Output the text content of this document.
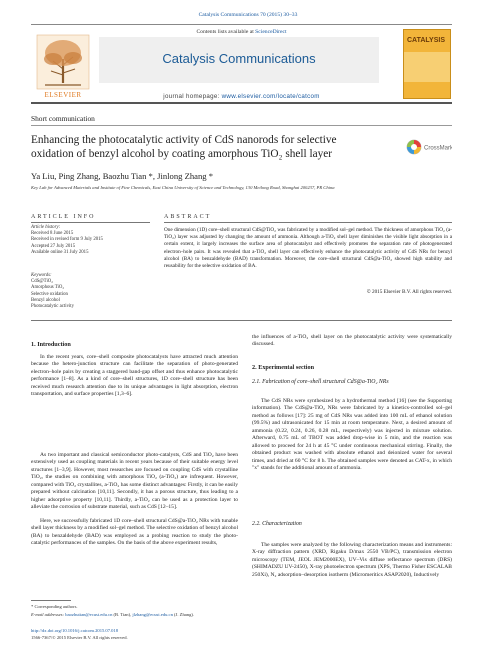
Catalysis Communications 70 (2015) 30–33
Contents lists available at ScienceDirect
ELSEVIER
Catalysis Communications
journal homepage: www.elsevier.com/locate/catcom
CATALYSIS
Short communication
Enhancing the photocatalytic activity of CdS nanorods for selective oxidation of benzyl alcohol by coating amorphous TiO₂ shell layer	CrossMark
Ya Liu, Ping Zhang, Baozhu Tian *, Jinlong Zhang *
Key Lab for Advanced Materials and Institute of Fine Chemicals, East China University of Science and Technology, 130 Meilong Road, Shanghai 200237, PR China
ARTICLE INFO	ABSTRACT
Article history:
Received 8 June 2015
Received in revised form 9 July 2015
Accepted 27 July 2015
Available online 31 July 2015
Keywords:
CdS@TiO₂
Amorphous TiO₂
Selective oxidation
Benzyl alcohol
Photocatalytic activity
One dimension (1D) core–shell structural CdS@TiO₂ was fabricated by a modified sol–gel method. The thickness of amorphous TiO₂ (a-TiO₂) layer was adjusted by changing the amount of ammonia. Although a-TiO₂ shell layer diminishes the visible light absorption in a certain extent, it largely increases the surface area of photocatalyst and effectively promotes the separation rate of photogenerated electron–hole pairs. It was revealed that a-TiO₂ shell layer can effectively enhance the photocatalytic activity of CdS NRs for benzyl alcohol (BA) to benzaldehyde (BAD) transformation. Moreover, the core–shell structural CdS@a-TiO₂ showed high stability and reusability for the selective oxidation of BA.
© 2015 Elsevier B.V. All rights reserved.
1. Introduction
In the recent years, core–shell composite photocatalysts have attracted much attention because the hetero-junction structure can facilitate the separation of photo-generated electron–hole pairs by creating a staggered band-gap offset and thus enhance photocatalytic performance [1–8]. As a kind of core–shell structures, 1D core–shell structure has been received much research attention due to its unique advantages in light absorption, electron transportation, and surface properties [1,3–6].
As two important and classical semiconductor photo-catalysts, CdS and TiO₂ have been extensively used as coupling materials in recent years because of their suitable energy level structures [1–3,9]. However, most researches are focused on coupling CdS with crystalline TiO₂, the studies on combining with amorphous TiO₂ (a-TiO₂) are infrequent. However, compared with TiO₂ crystallites, a-TiO₂ has some distinct advantages: Firstly, it can be easily prepared without calcination [10,11]. Secondly, it has a porous structure, thus leading to a higher adsorptive property [10,11]. Thirdly, a-TiO₂ can be used as a protection layer to alleviate the corrosion of substrate material, such as CdS [12–15].
Here, we successfully fabricated 1D core–shell structural CdS@a-TiO₂ NRs with tunable shell layer thickness by a modified sol–gel method. The selective oxidation of benzyl alcohol (BA) to benzaldehyde (BAD) was employed as a probing reaction to study the photo-catalytic performances of the samples. On the basis of the above experiment results,
the influences of a-TiO₂ shell layer on the photocatalytic activity were systematically discussed.
2. Experimental section
2.1. Fabrication of core–shell structural CdS@a-TiO₂ NRs
The CdS NRs were synthesized by a hydrothermal method [16] (see the Supporting information). The CdS@a-TiO₂ NRs were fabricated by a kinetics-controlled sol–gel method as follows [17]: 25 mg of CdS NRs was added into 100 mL of ethanol solution (99.5%) and ultrasonicated for 15 min at room temperature. Next, a desired amount of ammonia (0.22, 0.24, 0.26, 0.28 mL, respectively) was injected in mixture solution. Afterward, 0.75 mL of TBOT was added drop-wise in 5 min, and the reaction was allowed to proceed for 24 h at 45 °C under continuous mechanical stirring. Finally, the obtained product was washed with absolute ethanol and deionized water for several times, and dried at 60 °C for 8 h. The obtained samples were denoted as CAT-x, in which "x" stands for the additional amount of ammonia.
2.2. Characterization
The samples were analyzed by the following characterization means and instruments: X-ray diffraction pattern (XRD, Rigaku D/max 2550 VB/PC), transmission electron microscopy (TEM, JEOL JEM2000EX), UV–Vis diffuse reflectance spectrum (DRS) (SHIMADZU UV-2450), X-ray photoelectron spectrum (XPS, Thermo Fisher ESCALAB 250Xi), N₂ adsorption–desorption isotherm (Micromeritics ASAP2020), Inductively
* Corresponding authors.
E-mail addresses: baozhutian@ecust.edu.cn (B. Tian), jlzhang@ecust.edu.cn (J. Zhang).
http://dx.doi.org/10.1016/j.catcom.2015.07.018
1566-7367/© 2015 Elsevier B.V. All rights reserved.
